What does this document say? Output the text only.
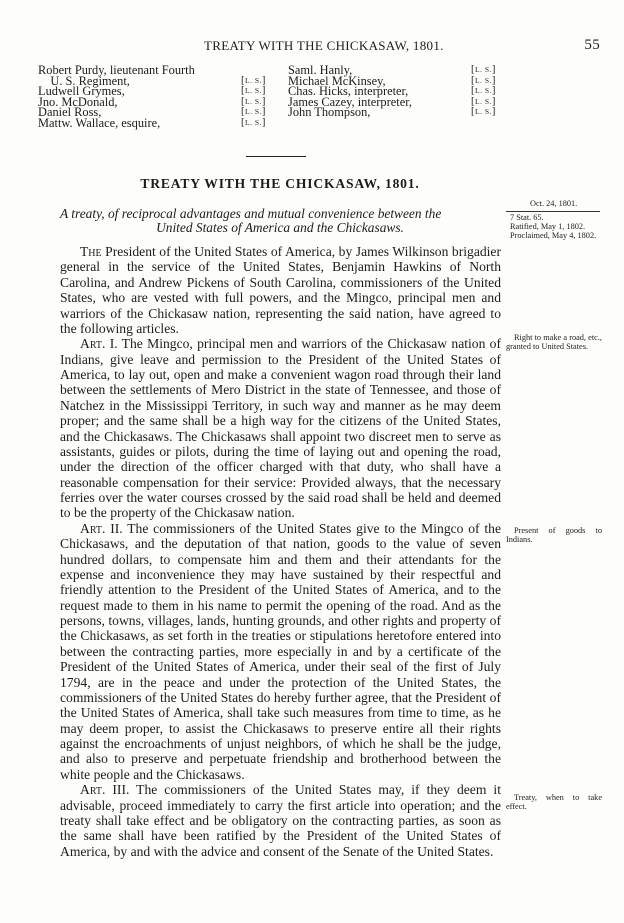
TREATY WITH THE CHICKASAW, 1801.	55
Robert Purdy, lieutenant Fourth
U. S. Regiment,	[ L. S. ]
Ludwell Grymes,	[ L. S. ]
Jno. McDonald,	[ L. S. ]
Daniel Ross,	[ L. S. ]
Mattw. Wallace, esquire,	[ L. S. ]
Saml. Hanly,	[ L. S. ]
Michael McKinsey,	[ L. S. ]
Chas. Hicks, interpreter,	[ L. S. ]
James Cazey, interpreter,	[ L. S. ]
John Thompson,	[ L. S. ]
TREATY WITH THE CHICKASAW, 1801.
A treaty, of reciprocal advantages and mutual convenience between the
United States of America and the Chickasaws.

The President of the United States of America, by James Wilkinson brigadier general in the service of the United States, Benjamin Hawkins of North Carolina, and Andrew Pickens of South Carolina, commissioners of the United States, who are vested with full powers, and the Mingco, principal men and warriors of the Chickasaw nation, representing the said nation, have agreed to the following articles.

Art. I. The Mingco, principal men and warriors of the Chickasaw nation of Indians, give leave and permission to the President of the United States of America, to lay out, open and make a convenient wagon road through their land between the settlements of Mero District in the state of Tennessee, and those of Natchez in the Mississippi Territory, in such way and manner as he may deem proper; and the same shall be a high way for the citizens of the United States, and the Chickasaws. The Chickasaws shall appoint two discreet men to serve as assistants, guides or pilots, during the time of laying out and opening the road, under the direction of the officer charged with that duty, who shall have a reasonable compensation for their service: Provided always, that the necessary ferries over the water courses crossed by the said road shall be held and deemed to be the property of the Chickasaw nation.

Art. II. The commissioners of the United States give to the Mingco of the Chickasaws, and the deputation of that nation, goods to the value of seven hundred dollars, to compensate him and them and their attendants for the expense and inconvenience they may have sustained by their respectful and friendly attention to the President of the United States of America, and to the request made to them in his name to permit the opening of the road. And as the persons, towns, villages, lands, hunting grounds, and other rights and property of the Chickasaws, as set forth in the treaties or stipulations heretofore entered into between the contracting parties, more especially in and by a certificate of the President of the United States of America, under their seal of the first of July 1794, are in the peace and under the protection of the United States, the commissioners of the United States do hereby further agree, that the President of the United States of America, shall take such measures from time to time, as he may deem proper, to assist the Chickasaws to preserve entire all their rights against the encroachments of unjust neighbors, of which he shall be the judge, and also to preserve and perpetuate friendship and brotherhood between the white people and the Chickasaws.

Art. III. The commissioners of the United States may, if they deem it advisable, proceed immediately to carry the first article into operation; and the treaty shall take effect and be obligatory on the contracting parties, as soon as the same shall have been ratified by the President of the United States of America, by and with the advice and consent of the Senate of the United States.

Oct. 24, 1801.
7 Stat. 65.
Ratified, May 1, 1802.
Proclaimed, May 4, 1802.
Right to make a road, etc., granted to United States.
Present of goods to Indians.
Treaty, when to take effect.
